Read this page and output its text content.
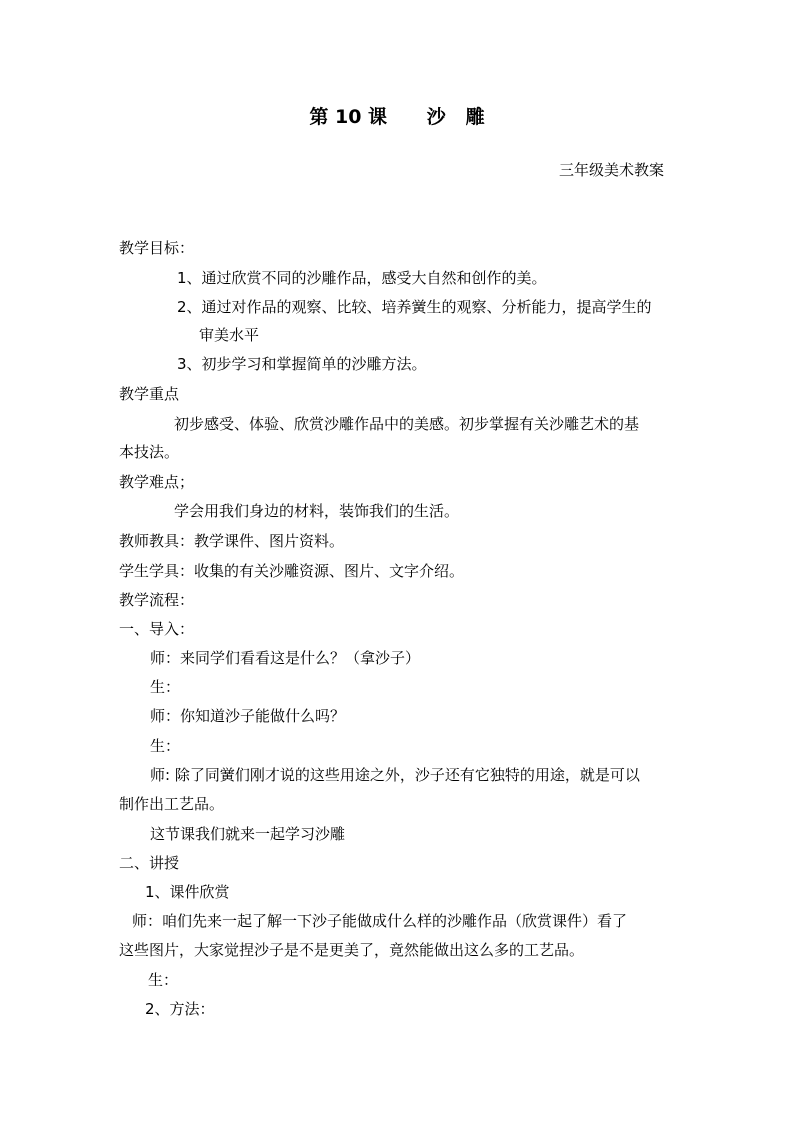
第 10 课      沙   雕

三年级美术教案

教学目标：

1、通过欣赏不同的沙雕作品，感受大自然和创作的美。

2、通过对作品的观察、比较、培养黉生的观察、分析能力，提高学生的

审美水平

3、初步学习和掌握简单的沙雕方法。

教学重点

初步感受、体验、欣赏沙雕作品中的美感。初步掌握有关沙雕艺术的基

本技法。

教学难点；

学会用我们身边的材料，装饰我们的生活。

教师教具：教学课件、图片资料。

学生学具：收集的有关沙雕资源、图片、文字介绍。

教学流程：

一、导入：

师：来同学们看看这是什么？（拿沙子）

生：

师：你知道沙子能做什么吗？

生：

师: 除了同黉们刚才说的这些用途之外，沙子还有它独特的用途，就是可以

制作出工艺品。

这节课我们就来一起学习沙雕

二、讲授

1、课件欣赏

师：咱们先来一起了解一下沙子能做成什么样的沙雕作品（欣赏课件）看了

这些图片，大家觉捏沙子是不是更美了，竟然能做出这么多的工艺品。

生：

2、方法：
